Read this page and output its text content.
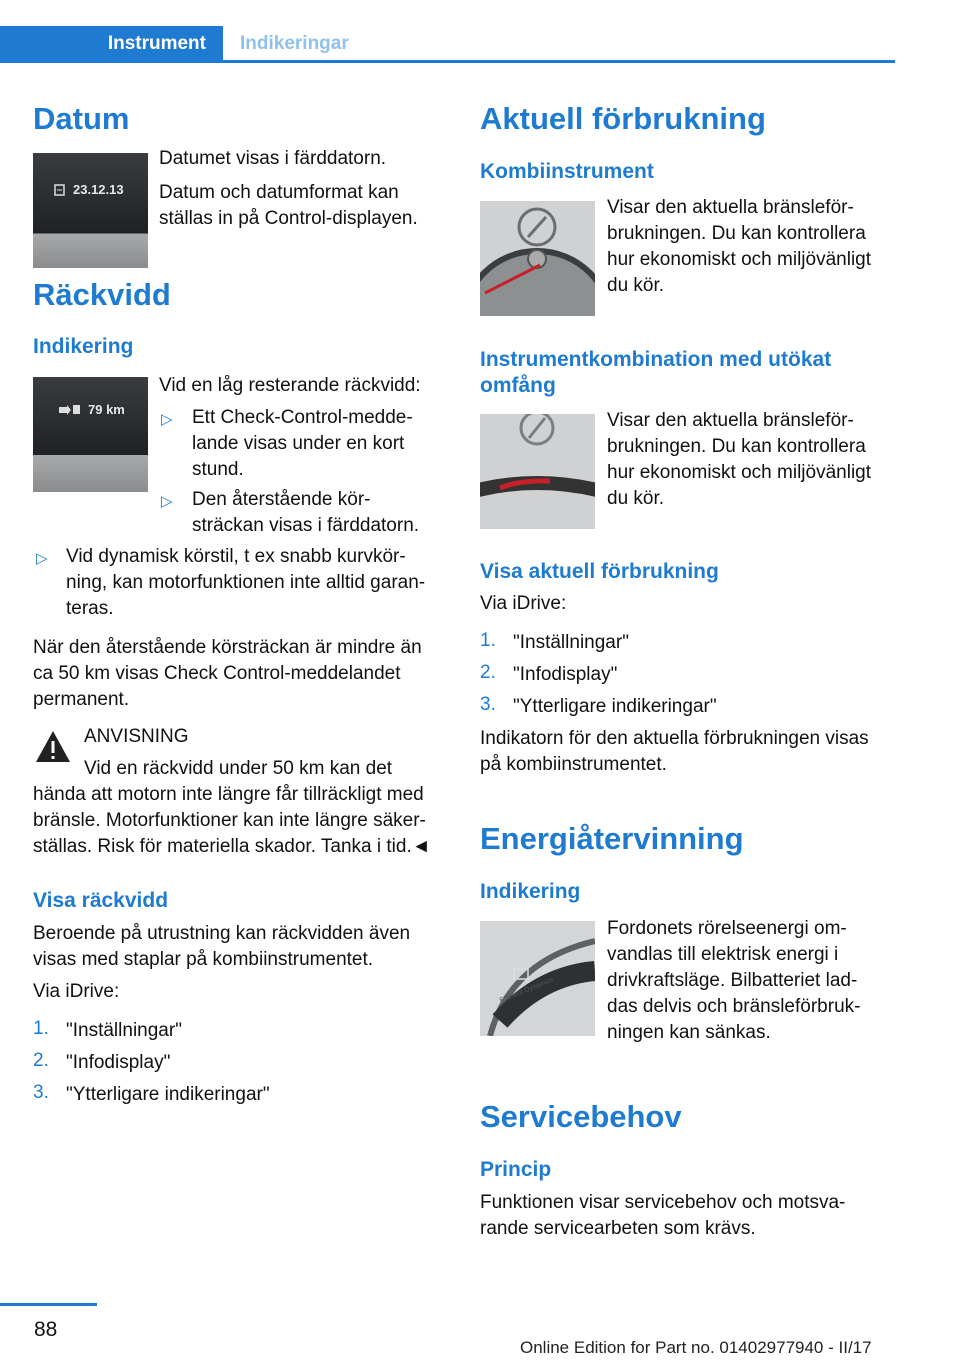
Instrument Indikeringar
Datum
23.12.13

Datumet visas i färddatorn.

Datum och datumformat kan

ställas in på Control-displayen.

Räckvidd
Indikering
79 km

Vid en låg resterande räckvidd:

▷ Ett Check-Control-medde-

lande visas under en kort

stund.

▷ Den återstående kör-

sträckan visas i färddatorn.

▷ Vid dynamisk körstil, t ex snabb kurvkör-

ning, kan motorfunktionen inte alltid garan-

teras.

När den återstående körsträckan är mindre än

ca 50 km visas Check Control-meddelandet

permanent.

ANVISNING

Vid en räckvidd under 50 km kan det

hända att motorn inte längre får tillräckligt med

bränsle. Motorfunktioner kan inte längre säker-

ställas. Risk för materiella skador. Tanka i tid.◄

Visa räckvidd

Beroende på utrustning kan räckvidden även

visas med staplar på kombiinstrumentet.

Via iDrive:

1. "Inställningar"

2. "Infodisplay"

3. "Ytterligare indikeringar"

Aktuell förbrukning
Kombiinstrument

Visar den aktuella bränsleför-

brukningen. Du kan kontrollera

hur ekonomiskt och miljövänligt

du kör.

Instrumentkombination med utökat
omfång

Visar den aktuella bränsleför-

brukningen. Du kan kontrollera

hur ekonomiskt och miljövänligt

du kör.

Visa aktuell förbrukning

Via iDrive:

1. "Inställningar"

2. "Infodisplay"

3. "Ytterligare indikeringar"

Indikatorn för den aktuella förbrukningen visas

på kombiinstrumentet.

Energiåtervinning
Indikering
Efficient Dynamics

Fordonets rörelseenergi om-

vandlas till elektrisk energi i

drivkraftsläge. Bilbatteriet lad-

das delvis och bränsleförbruk-

ningen kan sänkas.

Servicebehov
Princip

Funktionen visar servicebehov och motsva-

rande servicearbeten som krävs.

88
Online Edition for Part no. 01402977940 - II/17
